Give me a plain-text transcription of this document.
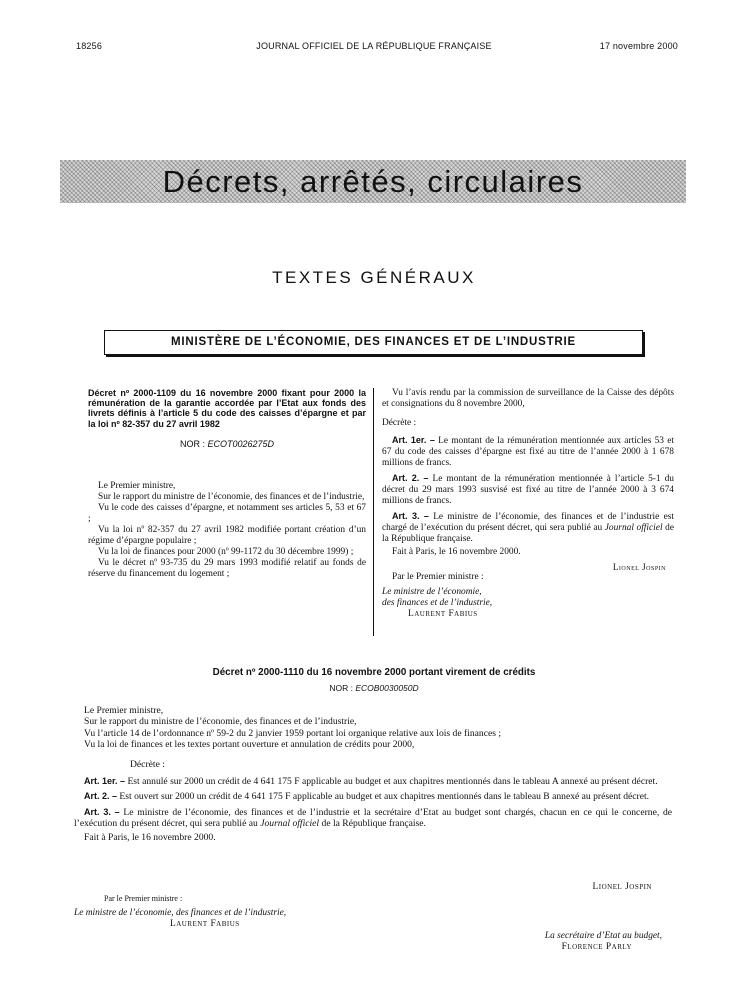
18256	JOURNAL OFFICIEL DE LA RÉPUBLIQUE FRANÇAISE	17 novembre 2000
Décrets, arrêtés, circulaires
TEXTES GÉNÉRAUX
MINISTÈRE DE L’ÉCONOMIE, DES FINANCES ET DE L’INDUSTRIE

Décret nº 2000-1109 du 16 novembre 2000 fixant pour 2000 la rémunération de la garantie accordée par l’Etat aux fonds des livrets définis à l’article 5 du code des caisses d’épargne et par la loi nº 82-357 du 27 avril 1982

NOR : ECOT0026275D

Le Premier ministre,

Sur le rapport du ministre de l’économie, des finances et de l’industrie,

Vu le code des caisses d’épargne, et notamment ses articles 5, 53 et 67 ;

Vu la loi nº 82-357 du 27 avril 1982 modifiée portant création d’un régime d’épargne populaire ;

Vu la loi de finances pour 2000 (nº 99-1172 du 30 décembre 1999) ;

Vu le décret nº 93-735 du 29 mars 1993 modifié relatif au fonds de réserve du financement du logement ;

Vu l’avis rendu par la commission de surveillance de la Caisse des dépôts et consignations du 8 novembre 2000,

Décrète :

Art. 1er. – Le montant de la rémunération mentionnée aux articles 53 et 67 du code des caisses d’épargne est fixé au titre de l’année 2000 à 1 678 millions de francs.

Art. 2. – Le montant de la rémunération mentionnée à l’article 5-1 du décret du 29 mars 1993 susvisé est fixé au titre de l’année 2000 à 3 674 millions de francs.

Art. 3. – Le ministre de l’économie, des finances et de l’industrie est chargé de l’exécution du présent décret, qui sera publié au Journal officiel de la République française.

Fait à Paris, le 16 novembre 2000.

Lionel Jospin

Par le Premier ministre :

Le ministre de l’économie,

des finances et de l’industrie,

Laurent Fabius

Décret nº 2000-1110 du 16 novembre 2000 portant virement de crédits
NOR : ECOB0030050D

Le Premier ministre,

Sur le rapport du ministre de l’économie, des finances et de l’industrie,

Vu l’article 14 de l’ordonnance nº 59-2 du 2 janvier 1959 portant loi organique relative aux lois de finances ;

Vu la loi de finances et les textes portant ouverture et annulation de crédits pour 2000,

Décrète :

Art. 1er. – Est annulé sur 2000 un crédit de 4 641 175 F applicable au budget et aux chapitres mentionnés dans le tableau A annexé au présent décret.

Art. 2. – Est ouvert sur 2000 un crédit de 4 641 175 F applicable au budget et aux chapitres mentionnés dans le tableau B annexé au présent décret.

Art. 3. – Le ministre de l’économie, des finances et de l’industrie et la secrétaire d’Etat au budget sont chargés, chacun en ce qui le concerne, de l’exécution du présent décret, qui sera publié au Journal officiel de la République française.

Fait à Paris, le 16 novembre 2000.

Par le Premier ministre :

Le ministre de l’économie, des finances et de l’industrie,

Laurent Fabius

Lionel Jospin

La secrétaire d’Etat au budget,

Florence Parly
